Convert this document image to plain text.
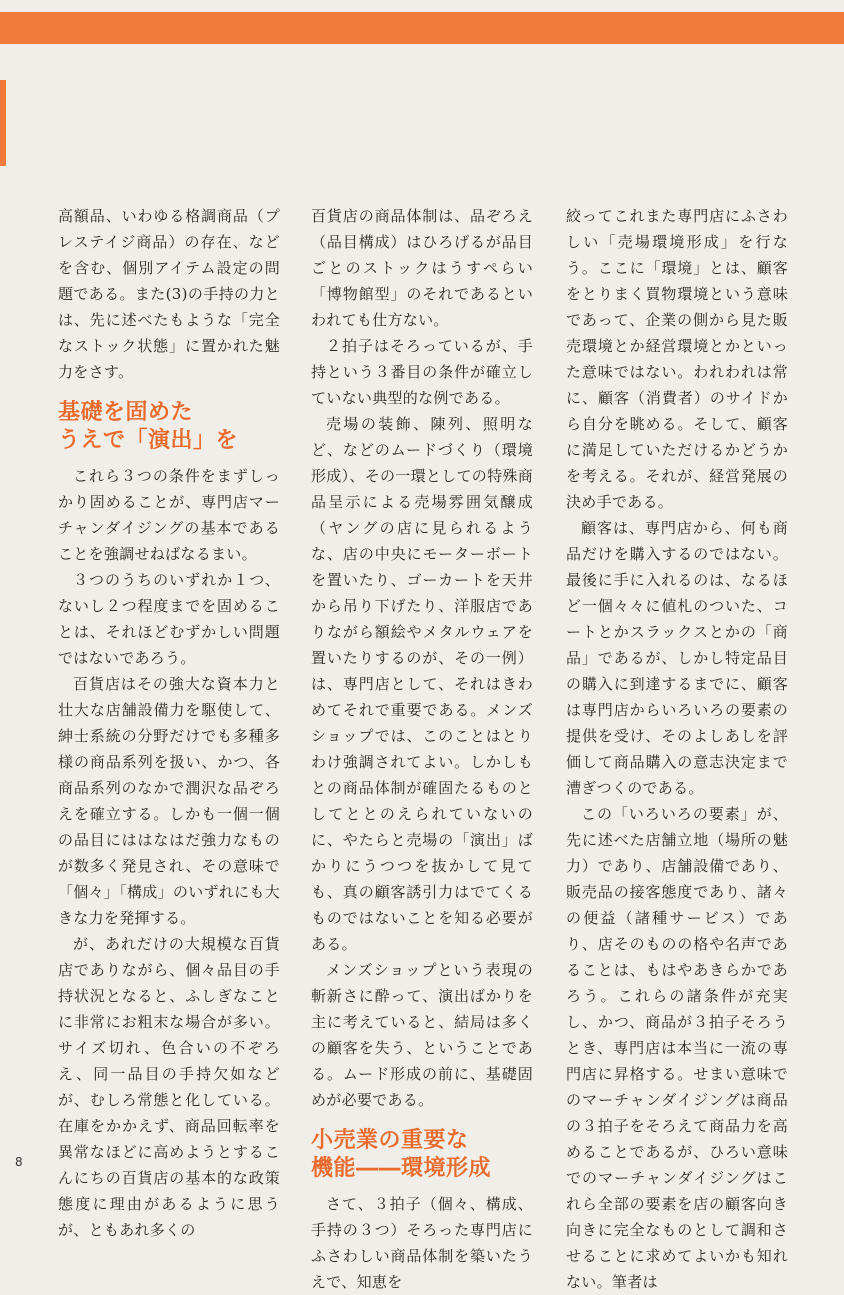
高額品、いわゆる格調商品（プレステイジ商品）の存在、などを含む、個別アイテム設定の問題である。また(3)の手持の力とは、先に述べたもような「完全なストック状態」に置かれた魅力をさす。

基礎を固めた
うえで「演出」を

これら３つの条件をまずしっかり固めることが、専門店マーチャンダイジングの基本であることを強調せねばなるまい。

３つのうちのいずれか１つ、ないし２つ程度までを固めることは、それほどむずかしい問題ではないであろう。

百貨店はその強大な資本力と壮大な店舗設備力を駆使して、紳士系統の分野だけでも多種多様の商品系列を扱い、かつ、各商品系列のなかで潤沢な品ぞろえを確立する。しかも一個一個の品目にははなはだ強力なものが数多く発見され、その意味で「個々」「構成」のいずれにも大きな力を発揮する。

が、あれだけの大規模な百貨店でありながら、個々品目の手持状況となると、ふしぎなことに非常にお粗末な場合が多い。サイズ切れ、色合いの不ぞろえ、同一品目の手持欠如などが、むしろ常態と化している。在庫をかかえず、商品回転率を異常なほどに高めようとするこんにちの百貨店の基本的な政策態度に理由があるように思うが、ともあれ多くの

百貨店の商品体制は、品ぞろえ（品目構成）はひろげるが品目ごとのストックはうすぺらい「博物館型」のそれであるといわれても仕方ない。

２拍子はそろっているが、手持という３番目の条件が確立していない典型的な例である。

売場の装飾、陳列、照明など、などのムードづくり（環境形成）、その一環としての特殊商品呈示による売場雰囲気醸成（ヤングの店に見られるような、店の中央にモーターボートを置いたり、ゴーカートを天井から吊り下げたり、洋服店でありながら額絵やメタルウェアを置いたりするのが、その一例）は、専門店として、それはきわめてそれで重要である。メンズショップでは、このことはとりわけ強調されてよい。しかしもとの商品体制が確固たるものとしてととのえられていないのに、やたらと売場の「演出」ばかりにうつつを抜かして見ても、真の顧客誘引力はでてくるものではないことを知る必要がある。

メンズショップという表現の斬新さに酔って、演出ばかりを主に考えていると、結局は多くの顧客を失う、ということである。ムード形成の前に、基礎固めが必要である。

小売業の重要な
機能――環境形成

さて、３拍子（個々、構成、手持の３つ）そろった専門店にふさわしい商品体制を築いたうえで、知恵を

絞ってこれまた専門店にふさわしい「売場環境形成」を行なう。ここに「環境」とは、顧客をとりまく買物環境という意味であって、企業の側から見た販売環境とか経営環境とかといった意味ではない。われわれは常に、顧客（消費者）のサイドから自分を眺める。そして、顧客に満足していただけるかどうかを考える。それが、経営発展の決め手である。

顧客は、専門店から、何も商品だけを購入するのではない。最後に手に入れるのは、なるほど一個々々に値札のついた、コートとかスラックスとかの「商品」であるが、しかし特定品目の購入に到達するまでに、顧客は専門店からいろいろの要素の提供を受け、そのよしあしを評価して商品購入の意志決定まで漕ぎつくのである。

この「いろいろの要素」が、先に述べた店舗立地（場所の魅力）であり、店舗設備であり、販売品の接客態度であり、諸々の便益（諸種サービス）であり、店そのものの格や名声であることは、もはやあきらかであろう。これらの諸条件が充実し、かつ、商品が３拍子そろうとき、専門店は本当に一流の専門店に昇格する。せまい意味でのマーチャンダイジングは商品の３拍子をそろえて商品力を高めることであるが、ひろい意味でのマーチャンダイジングはこれら全部の要素を店の顧客向き向きに完全なものとして調和させることに求めてよいかも知れない。筆者は

8
